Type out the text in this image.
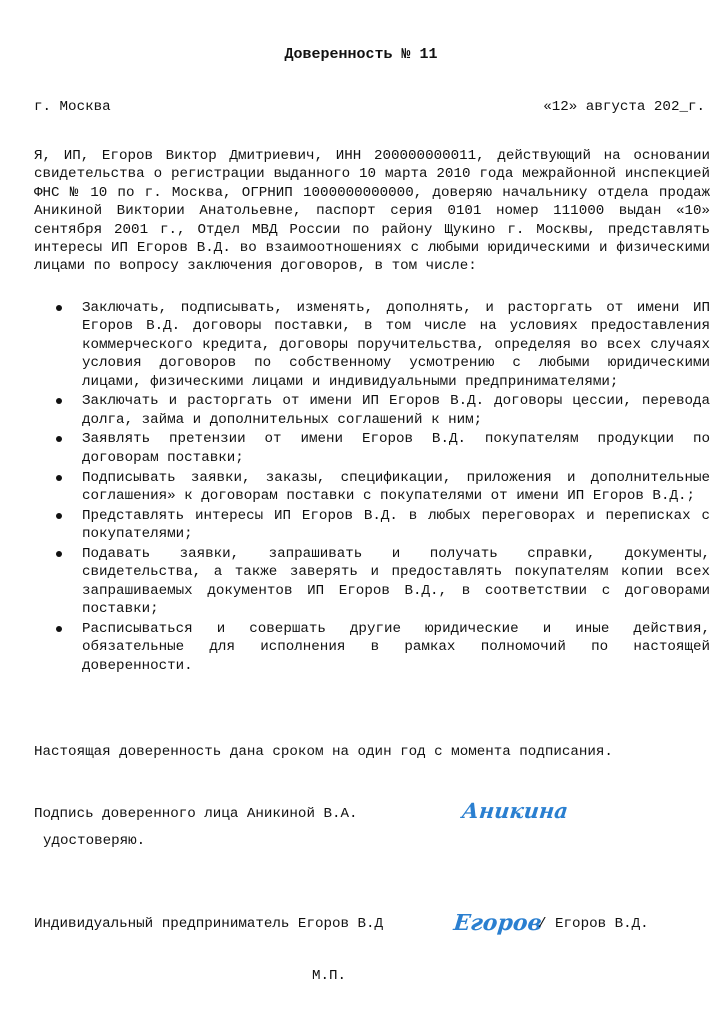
Доверенность № 11
г. Москва	«12» августа 202_г.

Я, ИП, Егоров Виктор Дмитриевич, ИНН 200000000011, действующий на основании свидетельства о регистрации выданного 10 марта 2010 года межрайонной инспекцией ФНС № 10 по г. Москва, ОГРНИП 1000000000000, доверяю начальнику отдела продаж Аникиной Виктории Анатольевне, паспорт серия 0101 номер 111000 выдан «10» сентября 2001 г., Отдел МВД России по району Щукино г. Москвы, представлять интересы ИП Егоров В.Д. во взаимоотношениях с любыми юридическими и физическими лицами по вопросу заключения договоров, в том числе:

Заключать, подписывать, изменять, дополнять, и расторгать от имени ИП Егоров В.Д. договоры поставки, в том числе на условиях предоставления коммерческого кредита, договоры поручительства, определяя во всех случаях условия договоров по собственному усмотрению с любыми юридическими лицами, физическими лицами и индивидуальными предпринимателями;
Заключать и расторгать от имени ИП Егоров В.Д. договоры цессии, перевода долга, займа и дополнительных соглашений к ним;
Заявлять претензии от имени Егоров В.Д. покупателям продукции по договорам поставки;
Подписывать заявки, заказы, спецификации, приложения и дополнительные соглашения» к договорам поставки с покупателями от имени ИП Егоров В.Д.;
Представлять интересы ИП Егоров В.Д. в любых переговорах и переписках с покупателями;
Подавать заявки, запрашивать и получать справки, документы, свидетельства, а также заверять и предоставлять покупателям копии всех запрашиваемых документов ИП Егоров В.Д., в соответствии с договорами поставки;
Расписываться и совершать другие юридические и иные действия, обязательные для исполнения в рамках полномочий по настоящей доверенности.
Настоящая доверенность дана сроком на один год с момента подписания.
Подпись доверенного лица Аникиной В.А.
удостоверяю.
Аникина
Индивидуальный предприниматель Егоров В.Д	Егоров
/ Егоров В.Д.
М.П.
